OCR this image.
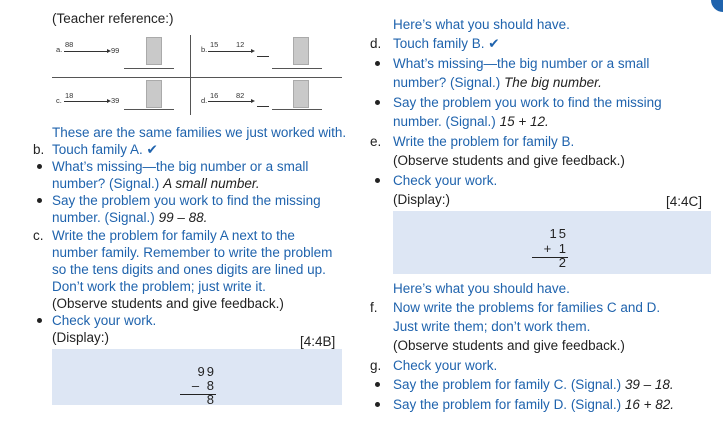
(Teacher reference:)
a.
88
99	b.
15 12
c.
18
39	d.
16 82
These are the same families we just worked with.
b. Touch family A. ✔
What’s missing—the big number or a small
number? (Signal.) A small number.
Say the problem you work to find the missing
number. (Signal.) 99 – 88.
c. Write the problem for family A next to the
number family. Remember to write the problem
so the tens digits and ones digits are lined up.
Don’t work the problem; just write it.
(Observe students and give feedback.)
Check your work.
(Display:)	[4:4B]
99
– 8 8
Here’s what you should have.
d. Touch family B. ✔
What’s missing—the big number or a small
number? (Signal.) The big number.
Say the problem you work to find the missing
number. (Signal.) 15 + 12.
e. Write the problem for family B.
(Observe students and give feedback.)
Check your work.
(Display:)	[4:4C]
15
+ 1 2
Here’s what you should have.
f. Now write the problems for families C and D.
Just write them; don’t work them.
(Observe students and give feedback.)
g. Check your work.
Say the problem for family C. (Signal.) 39 – 18.
Say the problem for family D. (Signal.) 16 + 82.
